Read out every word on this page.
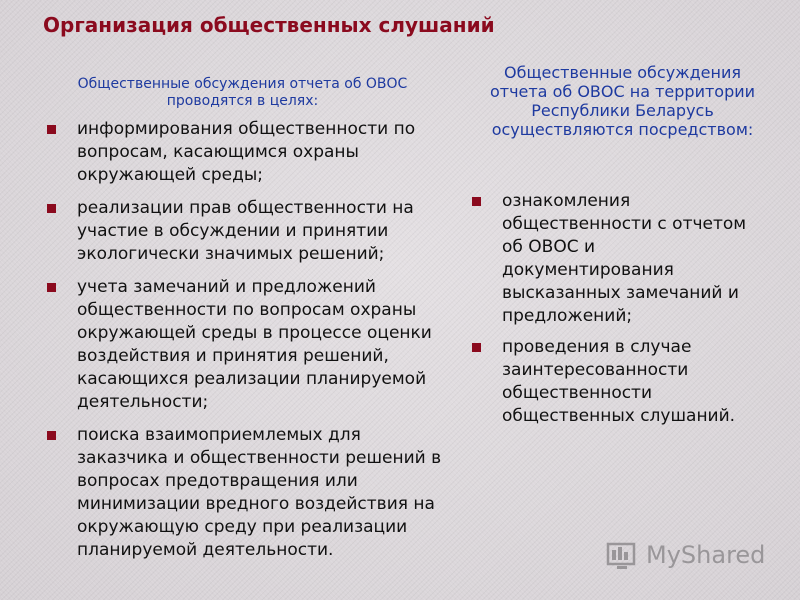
Организация общественных слушаний
Общественные обсуждения отчета об ОВОС проводятся в целях:
информирования общественности по вопросам, касающимся охраны окружающей среды;
реализации прав общественности на участие в обсуждении и принятии экологически значимых решений;
учета замечаний и предложений общественности по вопросам охраны окружающей среды в процессе оценки воздействия и принятия решений, касающихся реализации планируемой деятельности;
поиска взаимоприемлемых для заказчика и общественности решений в вопросах предотвращения или минимизации вредного воздействия на окружающую среду при реализации планируемой деятельности.
Общественные обсуждения отчета об ОВОС на территории Республики Беларусь осуществляются посредством:
ознакомления общественности с отчетом об ОВОС и документирования высказанных замечаний и предложений;
проведения в случае заинтересованности общественности общественных слушаний.
MyShared
